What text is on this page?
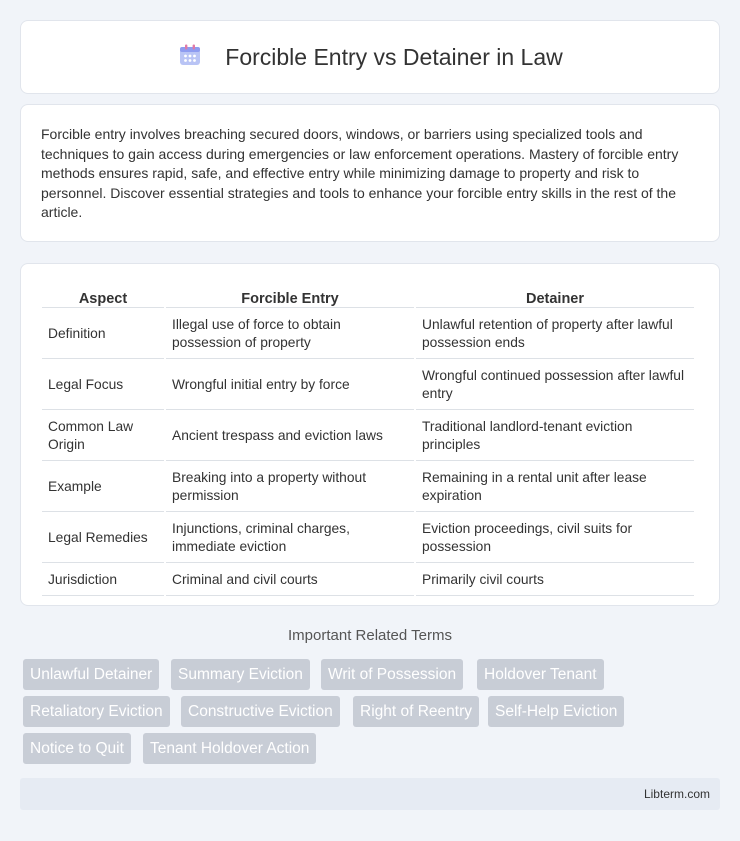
Forcible Entry vs Detainer in Law

Forcible entry involves breaching secured doors, windows, or barriers using specialized tools and techniques to gain access during emergencies or law enforcement operations. Mastery of forcible entry methods ensures rapid, safe, and effective entry while minimizing damage to property and risk to personnel. Discover essential strategies and tools to enhance your forcible entry skills in the rest of the article.

Aspect	Forcible Entry	Detainer
Definition	Illegal use of force to obtain possession of property	Unlawful retention of property after lawful possession ends
Legal Focus	Wrongful initial entry by force	Wrongful continued possession after lawful entry
Common Law Origin	Ancient trespass and eviction laws	Traditional landlord-tenant eviction principles
Example	Breaking into a property without permission	Remaining in a rental unit after lease expiration
Legal Remedies	Injunctions, criminal charges, immediate eviction	Eviction proceedings, civil suits for possession
Jurisdiction	Criminal and civil courts	Primarily civil courts
Important Related Terms
Unlawful Detainer	Summary Eviction	Writ of Possession	Holdover Tenant
Retaliatory Eviction	Constructive Eviction	Right of Reentry	Self-Help Eviction
Notice to Quit	Tenant Holdover Action
Libterm.com
